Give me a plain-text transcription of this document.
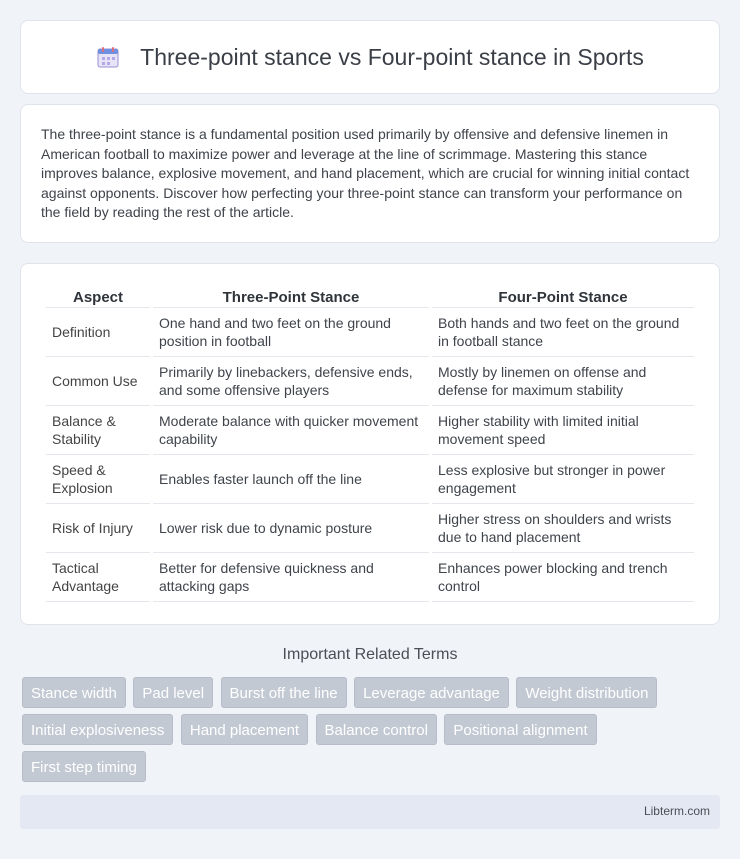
Three-point stance vs Four-point stance in Sports

The three-point stance is a fundamental position used primarily by offensive and defensive linemen in American football to maximize power and leverage at the line of scrimmage. Mastering this stance improves balance, explosive movement, and hand placement, which are crucial for winning initial contact against opponents. Discover how perfecting your three-point stance can transform your performance on the field by reading the rest of the article.

Aspect	Three-Point Stance	Four-Point Stance
Definition	One hand and two feet on the ground position in football	Both hands and two feet on the ground in football stance
Common Use	Primarily by linebackers, defensive ends, and some offensive players	Mostly by linemen on offense and defense for maximum stability
Balance & Stability	Moderate balance with quicker movement capability	Higher stability with limited initial movement speed
Speed & Explosion	Enables faster launch off the line	Less explosive but stronger in power engagement
Risk of Injury	Lower risk due to dynamic posture	Higher stress on shoulders and wrists due to hand placement
Tactical Advantage	Better for defensive quickness and attacking gaps	Enhances power blocking and trench control
Important Related Terms
Stance width Pad level Burst off the line Leverage advantage Weight distribution Initial explosiveness Hand placement Balance control Positional alignment First step timing
Libterm.com
